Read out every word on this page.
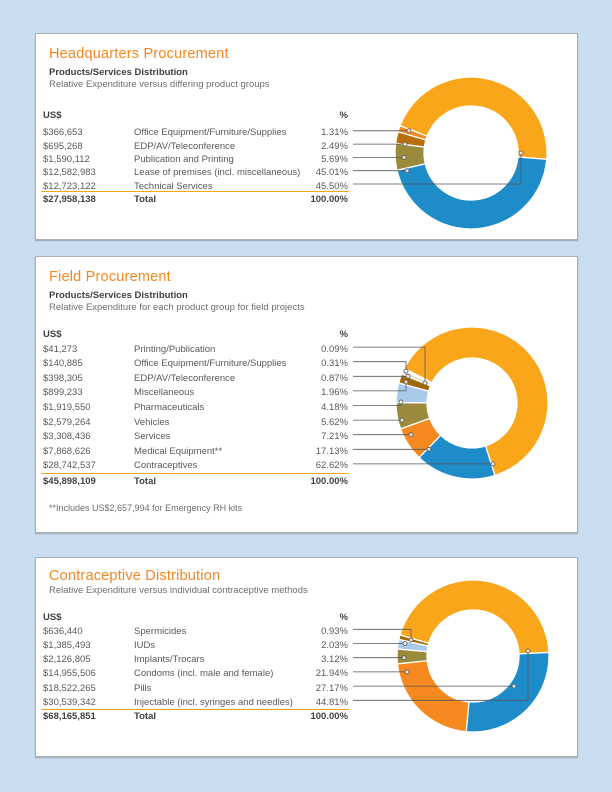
Headquarters Procurement
Products/Services Distribution
Relative Expenditure versus differing product groups
US$	%
$366,653	Office Equipment/Furniture/Supplies	1.31%
$695,268	EDP/AV/Teleconference	2.49%
$1,590,112	Publication and Printing	5.69%
$12,582,983	Lease of premises (incl. miscellaneous)	45.01%
$12,723,122	Technical Services	45.50%
$27,958,138	Total	100.00%
Field Procurement
Products/Services Distribution
Relative Expenditure for each product group for field projects
US$	%
$41,273	Printing/Publication	0.09%
$140,885	Office Equipment/Furniture/Supplies	0.31%
$398,305	EDP/AV/Teleconference	0.87%
$899,233	Miscellaneous	1.96%
$1,919,550	Pharmaceuticals	4.18%
$2,579,264	Vehicles	5.62%
$3,308,436	Services	7.21%
$7,868,626	Medical Equipment**	17.13%
$28,742,537	Contraceptives	62.62%
$45,898,109	Total	100.00%
**Includes US$2,657,994 for Emergency RH kits
Contraceptive Distribution
Relative Expenditure versus individual contraceptive methods
US$	%
$636,440	Spermicides	0.93%
$1,385,493	IUDs	2.03%
$2,126,805	Implants/Trocars	3.12%
$14,955,506	Condoms (incl. male and female)	21.94%
$18,522,265	Pills	27.17%
$30,539,342	Injectable (incl. syringes and needles)	44.81%
$68,165,851	Total	100.00%
